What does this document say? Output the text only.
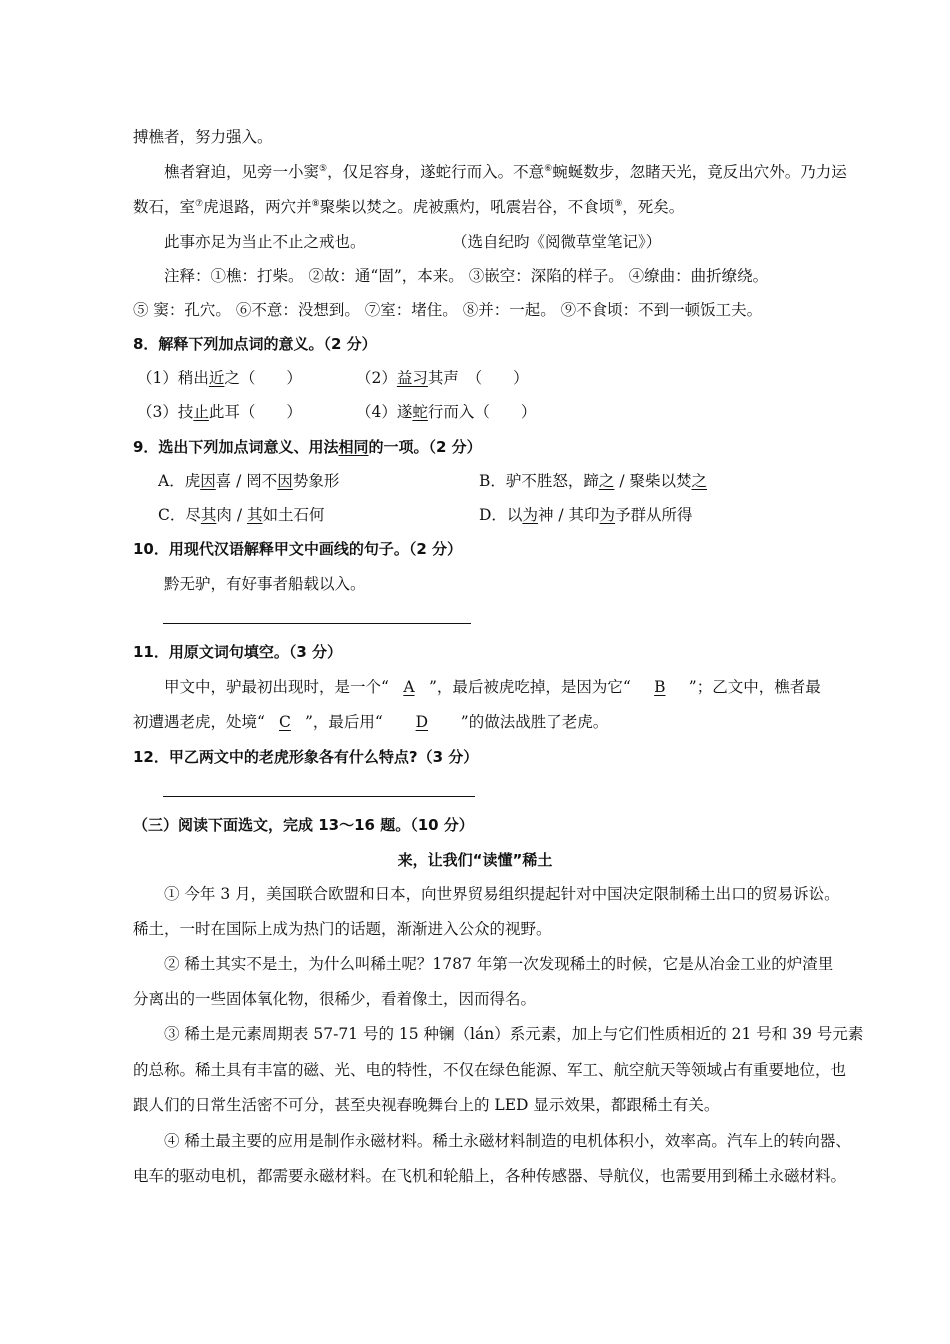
搏樵者，努力强入。
樵者窘迫，见旁一小窦⑤，仅足容身，遂蛇行而入。不意⑥蜿蜒数步，忽睹天光，竟反出穴外。乃力运
数石，室⑦虎退路，两穴并⑧聚柴以焚之。虎被熏灼，吼震岩谷，不食顷⑨，死矣。
此事亦足为当止不止之戒也。	（选自纪昀《阅微草堂笔记》）
注释：①樵：打柴。 ②故：通“固”，本来。 ③嵌空：深陷的样子。 ④缭曲：曲折缭绕。
⑤ 窦：孔穴。 ⑥不意：没想到。 ⑦室：堵住。 ⑧并：一起。 ⑨不食顷：不到一顿饭工夫。
8．解释下列加点词的意义。（2 分）
（1）稍出近之（　　）	（2）益习其声　（　　）
（3）技止此耳（　　）	（4）遂蛇行而入（　　）
9．选出下列加点词意义、用法相同的一项。（2 分）
A．虎因喜 / 罔不因势象形	B．驴不胜怒，蹄之 / 聚柴以焚之
C．尽其肉 / 其如土石何	D．以为神 / 其印为予群从所得
10．用现代汉语解释甲文中画线的句子。（2 分）
黔无驴，有好事者船载以入。
11．用原文词句填空。（3 分）
甲文中，驴最初出现时，是一个“ A ”，最后被虎吃掉，是因为它“ B ”；乙文中，樵者最
初遭遇老虎，处境“ C ”，最后用“ D ”的做法战胜了老虎。
12．甲乙两文中的老虎形象各有什么特点?（3 分）
（三）阅读下面选文，完成 13～16 题。（10 分）
来，让我们“读懂”稀土
① 今年 3 月，美国联合欧盟和日本，向世界贸易组织提起针对中国决定限制稀土出口的贸易诉讼。
稀土，一时在国际上成为热门的话题，渐渐进入公众的视野。
② 稀土其实不是土，为什么叫稀土呢？1787 年第一次发现稀土的时候，它是从冶金工业的炉渣里
分离出的一些固体氧化物，很稀少，看着像土，因而得名。
③ 稀土是元素周期表 57-71 号的 15 种镧（lán）系元素，加上与它们性质相近的 21 号和 39 号元素
的总称。稀土具有丰富的磁、光、电的特性，不仅在绿色能源、军工、航空航天等领域占有重要地位，也
跟人们的日常生活密不可分，甚至央视春晚舞台上的 LED 显示效果，都跟稀土有关。
④ 稀土最主要的应用是制作永磁材料。稀土永磁材料制造的电机体积小，效率高。汽车上的转向器、
电车的驱动电机，都需要永磁材料。在飞机和轮船上，各种传感器、导航仪，也需要用到稀土永磁材料。
